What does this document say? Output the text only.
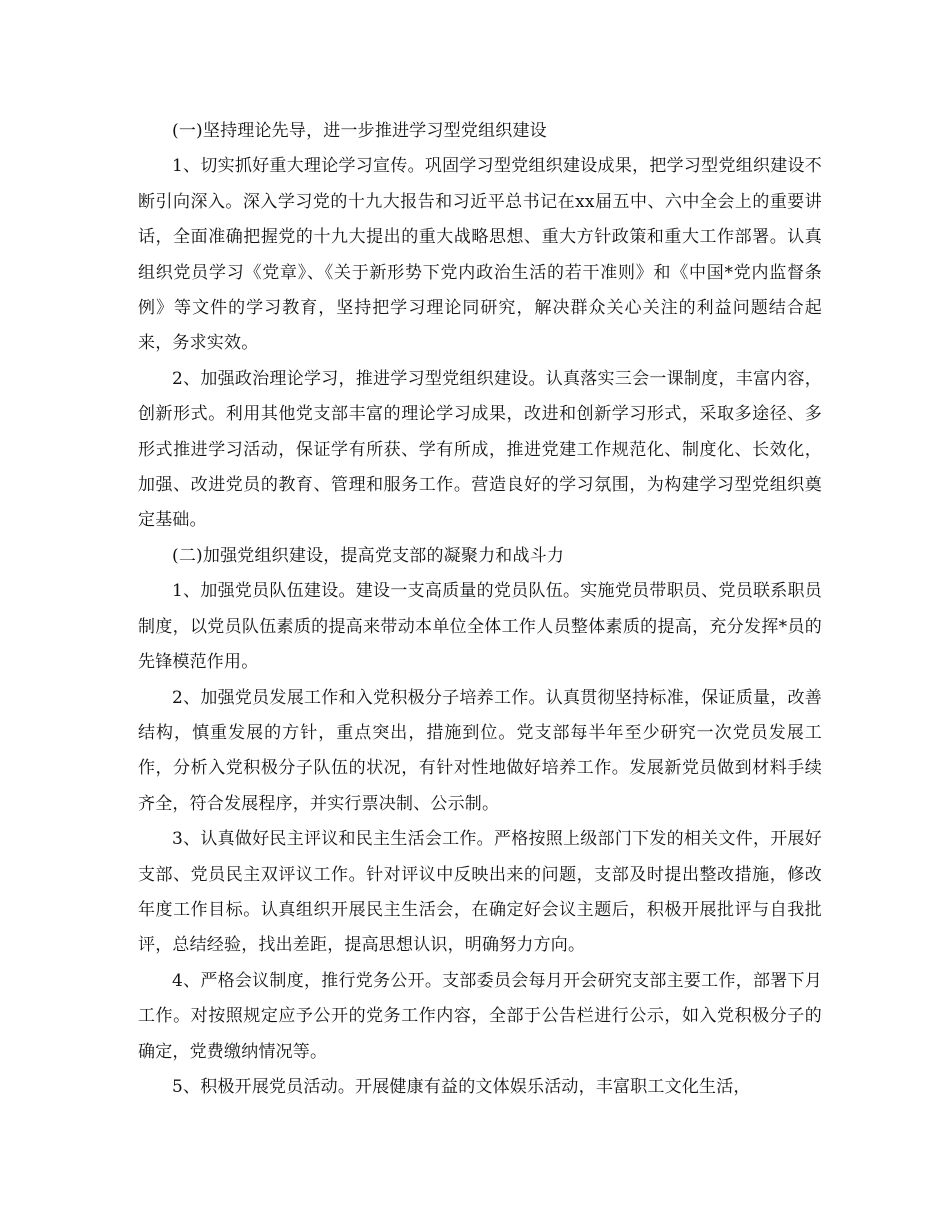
(一)坚持理论先导，进一步推进学习型党组织建设

1、切实抓好重大理论学习宣传。巩固学习型党组织建设成果，把学习型党组织建设不断引向深入。深入学习党的十九大报告和习近平总书记在xx届五中、六中全会上的重要讲话，全面准确把握党的十九大提出的重大战略思想、重大方针政策和重大工作部署。认真组织党员学习《党章》、《关于新形势下党内政治生活的若干准则》和《中国*党内监督条例》等文件的学习教育，坚持把学习理论同研究，解决群众关心关注的利益问题结合起来，务求实效。

2、加强政治理论学习，推进学习型党组织建设。认真落实三会一课制度，丰富内容，创新形式。利用其他党支部丰富的理论学习成果，改进和创新学习形式，采取多途径、多形式推进学习活动，保证学有所获、学有所成，推进党建工作规范化、制度化、长效化，加强、改进党员的教育、管理和服务工作。营造良好的学习氛围，为构建学习型党组织奠定基础。

(二)加强党组织建设，提高党支部的凝聚力和战斗力

1、加强党员队伍建设。建设一支高质量的党员队伍。实施党员带职员、党员联系职员制度，以党员队伍素质的提高来带动本单位全体工作人员整体素质的提高，充分发挥*员的先锋模范作用。

2、加强党员发展工作和入党积极分子培养工作。认真贯彻坚持标准，保证质量，改善结构，慎重发展的方针，重点突出，措施到位。党支部每半年至少研究一次党员发展工作，分析入党积极分子队伍的状况，有针对性地做好培养工作。发展新党员做到材料手续齐全，符合发展程序，并实行票决制、公示制。

3、认真做好民主评议和民主生活会工作。严格按照上级部门下发的相关文件，开展好支部、党员民主双评议工作。针对评议中反映出来的问题，支部及时提出整改措施，修改年度工作目标。认真组织开展民主生活会，在确定好会议主题后，积极开展批评与自我批评，总结经验，找出差距，提高思想认识，明确努力方向。

4、严格会议制度，推行党务公开。支部委员会每月开会研究支部主要工作，部署下月工作。对按照规定应予公开的党务工作内容，全部于公告栏进行公示，如入党积极分子的确定，党费缴纳情况等。

5、积极开展党员活动。开展健康有益的文体娱乐活动，丰富职工文化生活，
